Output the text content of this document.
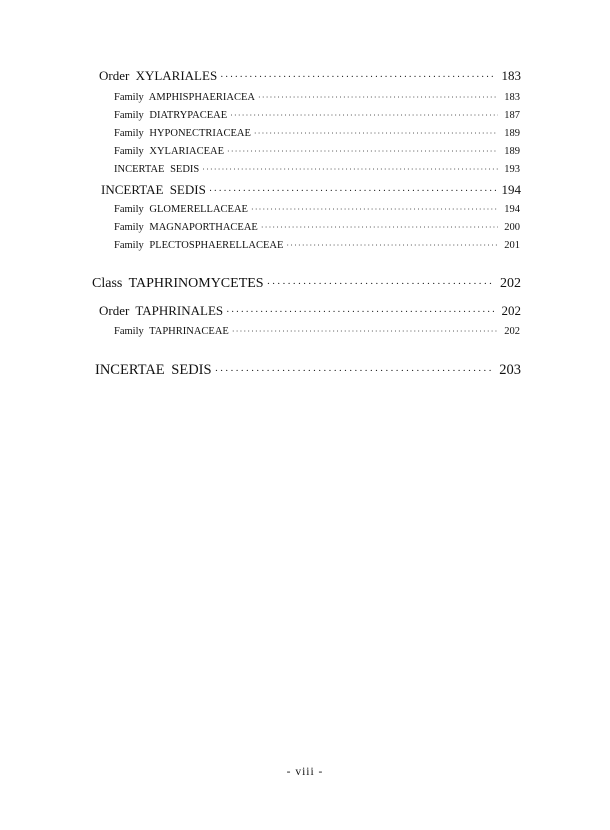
Order XYLARIALES ·····	183
Family AMPHISPHAERIACEA ·····	183
Family DIATRYPACEAE ·····	187
Family HYPONECTRIACEAE ·····	189
Family XYLARIACEAE ·····	189
INCERTAE SEDIS ·····	193
INCERTAE SEDIS ·····	194
Family GLOMERELLACEAE ·····	194
Family MAGNAPORTHACEAE ·····	200
Family PLECTOSPHAERELLACEAE ·····	201
Class TAPHRINOMYCETES ·····	202
Order TAPHRINALES ·····	202
Family TAPHRINACEAE ·····	202
INCERTAE SEDIS ·····	203
- viii -
